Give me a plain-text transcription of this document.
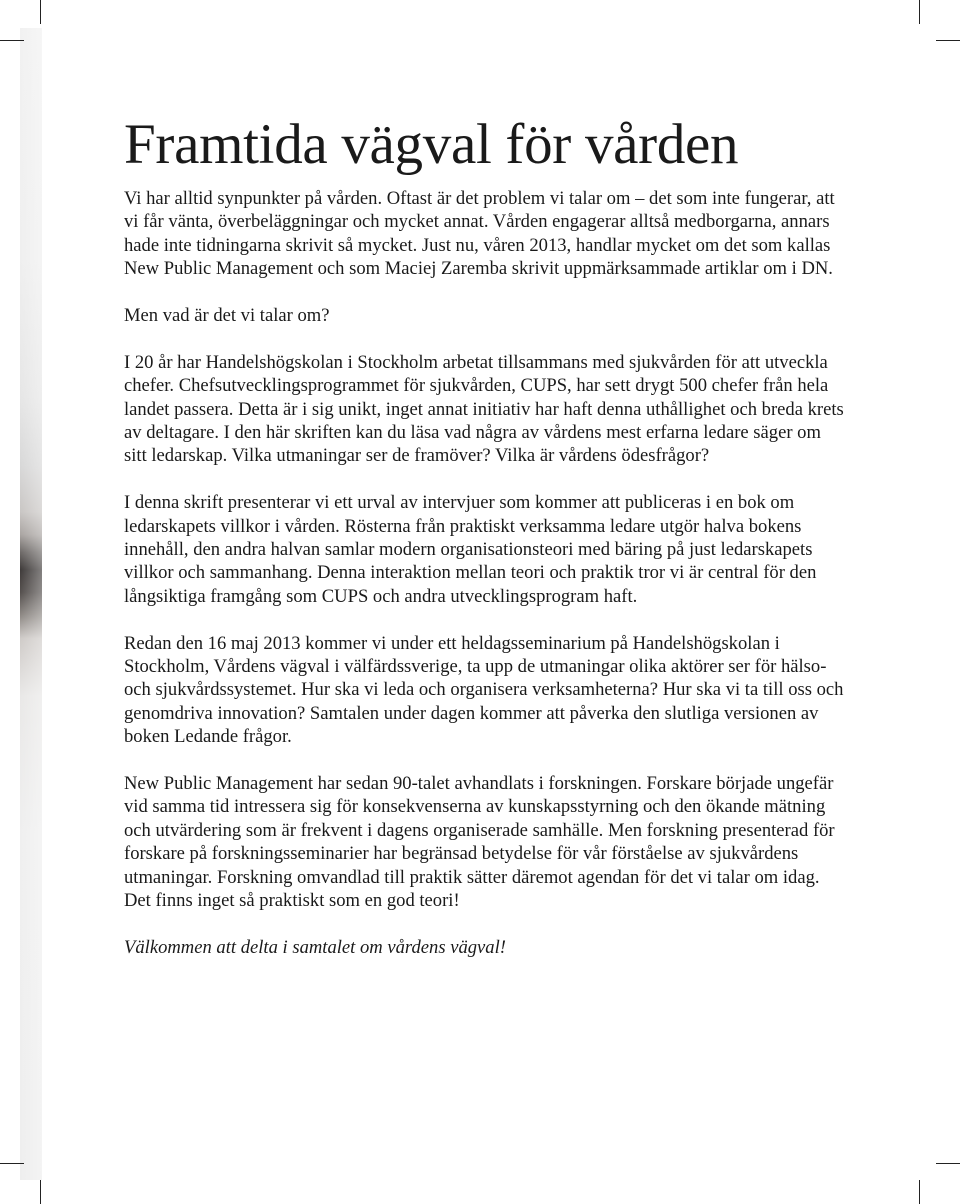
Framtida vägval för vården

Vi har alltid synpunkter på vården. Oftast är det problem vi talar om – det som inte fungerar, att vi får vänta, överbeläggningar och mycket annat. Vården engagerar alltså medborgarna, annars hade inte tidningarna skrivit så mycket. Just nu, våren 2013, handlar mycket om det som kallas New Public Management och som Maciej Zaremba skrivit uppmärksammade artiklar om i DN.

Men vad är det vi talar om?

I 20 år har Handelshögskolan i Stockholm arbetat tillsammans med sjukvården för att utveckla chefer. Chefsutvecklingsprogrammet för sjukvården, CUPS, har sett drygt 500 chefer från hela landet passera. Detta är i sig unikt, inget annat initiativ har haft denna uthållighet och breda krets av deltagare. I den här skriften kan du läsa vad några av vårdens mest erfarna ledare säger om sitt ledarskap. Vilka utmaningar ser de framöver? Vilka är vårdens ödesfrågor?

I denna skrift presenterar vi ett urval av intervjuer som kommer att publiceras i en bok om ledarskapets villkor i vården. Rösterna från praktiskt verksamma ledare utgör halva bokens innehåll, den andra halvan samlar modern organisationsteori med bäring på just ledarskapets villkor och sammanhang. Denna interaktion mellan teori och praktik tror vi är central för den långsiktiga framgång som CUPS och andra utvecklingsprogram haft.

Redan den 16 maj 2013 kommer vi under ett heldagsseminarium på Handelshögskolan i Stockholm, Vårdens vägval i välfärdssverige, ta upp de utmaningar olika aktörer ser för hälso- och sjukvårdssystemet. Hur ska vi leda och organisera verksamheterna? Hur ska vi ta till oss och genomdriva innovation? Samtalen under dagen kommer att påverka den slutliga versionen av boken Ledande frågor.

New Public Management har sedan 90-talet avhandlats i forskningen. Forskare började ungefär vid samma tid intressera sig för konsekvenserna av kunskapsstyrning och den ökande mätning och utvärdering som är frekvent i dagens organiserade samhälle. Men forskning presenterad för forskare på forskningsseminarier har begränsad betydelse för vår förståelse av sjukvårdens utmaningar. Forskning omvandlad till praktik sätter däremot agendan för det vi talar om idag. Det finns inget så praktiskt som en god teori!

Välkommen att delta i samtalet om vårdens vägval!
